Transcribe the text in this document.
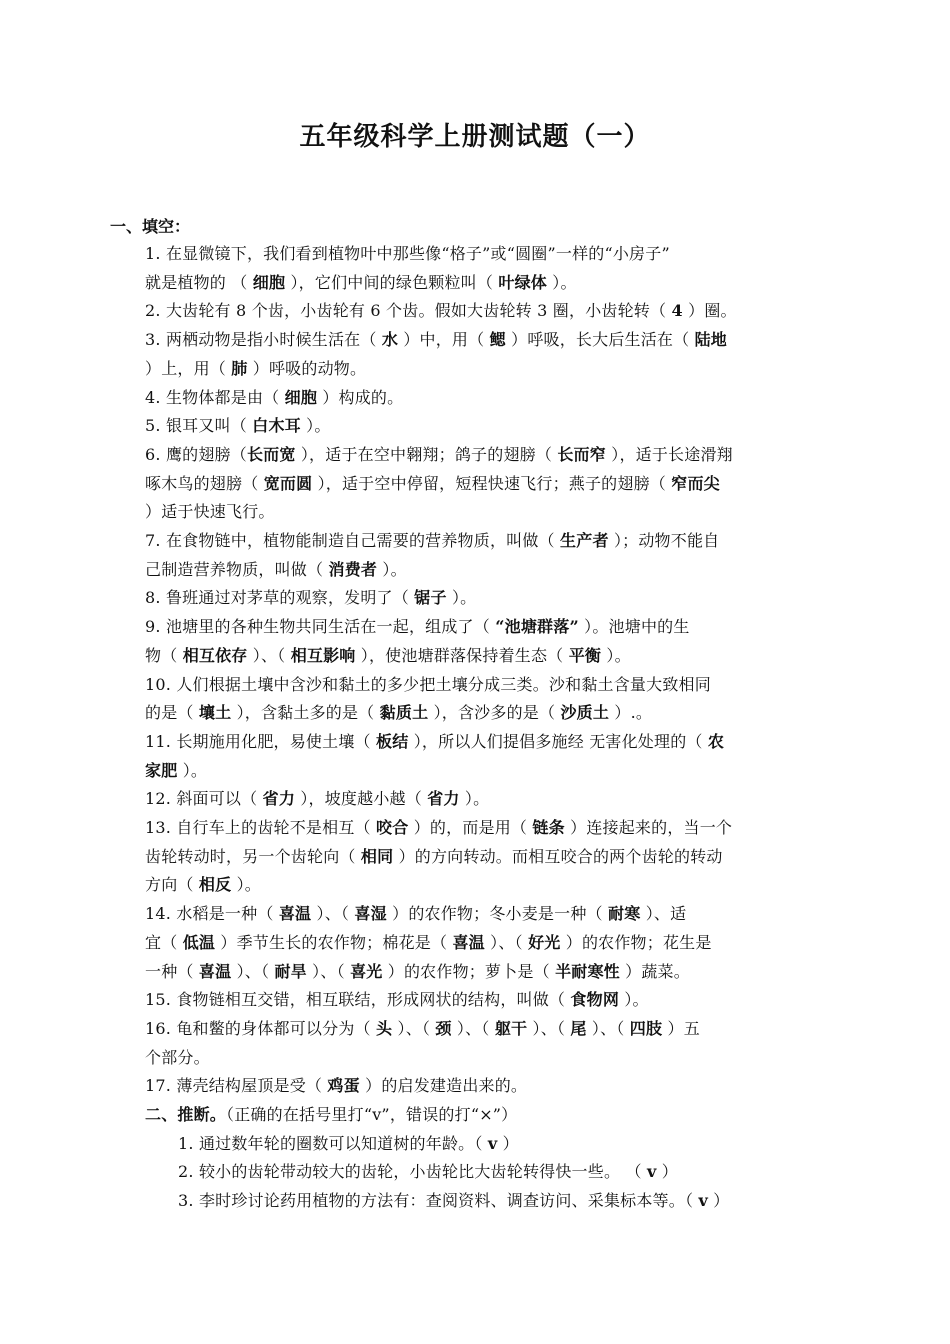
五年级科学上册测试题（一）
一、填空：
1. 在显微镜下，我们看到植物叶中那些像“格子”或“圆圈”一样的“小房子”
就是植物的 （ 细胞 ），它们中间的绿色颗粒叫（ 叶绿体 ）。
2. 大齿轮有 8 个齿，小齿轮有 6 个齿。假如大齿轮转 3 圈，小齿轮转（ 4 ）圈。
3. 两栖动物是指小时候生活在（ 水 ）中，用（ 鳃 ）呼吸，长大后生活在（ 陆地
）上，用（ 肺 ）呼吸的动物。
4. 生物体都是由（ 细胞 ）构成的。
5. 银耳又叫（ 白木耳 ）。
6. 鹰的翅膀（长而宽 ），适于在空中翱翔；鸽子的翅膀（ 长而窄 ），适于长途滑翔
啄木鸟的翅膀（ 宽而圆 ），适于空中停留，短程快速飞行；燕子的翅膀（ 窄而尖
）适于快速飞行。
7. 在食物链中，植物能制造自己需要的营养物质，叫做（ 生产者 ）；动物不能自
己制造营养物质，叫做（ 消费者 ）。
8. 鲁班通过对茅草的观察，发明了（ 锯子 ）。
9. 池塘里的各种生物共同生活在一起，组成了（ “池塘群落” ）。池塘中的生
物（ 相互依存 ）、（ 相互影响 ），使池塘群落保持着生态（ 平衡 ）。
10. 人们根据土壤中含沙和黏土的多少把土壤分成三类。沙和黏土含量大致相同
的是（ 壤土 ），含黏土多的是（ 黏质土 ），含沙多的是（ 沙质土 ）.。
11. 长期施用化肥，易使土壤（ 板结 ），所以人们提倡多施经 无害化处理的（ 农
家肥 ）。
12. 斜面可以（ 省力 ），坡度越小越（ 省力 ）。
13. 自行车上的齿轮不是相互（ 咬合 ）的，而是用（ 链条 ）连接起来的，当一个
齿轮转动时，另一个齿轮向（ 相同 ）的方向转动。而相互咬合的两个齿轮的转动
方向（ 相反 ）。
14. 水稻是一种（ 喜温 ）、（ 喜湿 ）的农作物；冬小麦是一种（ 耐寒 ）、适
宜（ 低温 ）季节生长的农作物；棉花是（ 喜温 ）、（ 好光 ）的农作物；花生是
一种（ 喜温 ）、（ 耐旱 ）、（ 喜光 ）的农作物；萝卜是（ 半耐寒性 ）蔬菜。
15. 食物链相互交错，相互联结，形成网状的结构，叫做（ 食物网 ）。
16. 龟和鳖的身体都可以分为（ 头 ）、（ 颈 ）、（ 躯干 ）、（ 尾 ）、（ 四肢 ）五
个部分。
17. 薄壳结构屋顶是受（ 鸡蛋 ）的启发建造出来的。
二、推断。（正确的在括号里打“v”，错误的打“×”）
1. 通过数年轮的圈数可以知道树的年龄。（ v ）
2. 较小的齿轮带动较大的齿轮，小齿轮比大齿轮转得快一些。 （ v ）
3. 李时珍讨论药用植物的方法有：查阅资料、调查访问、采集标本等。（ v ）
